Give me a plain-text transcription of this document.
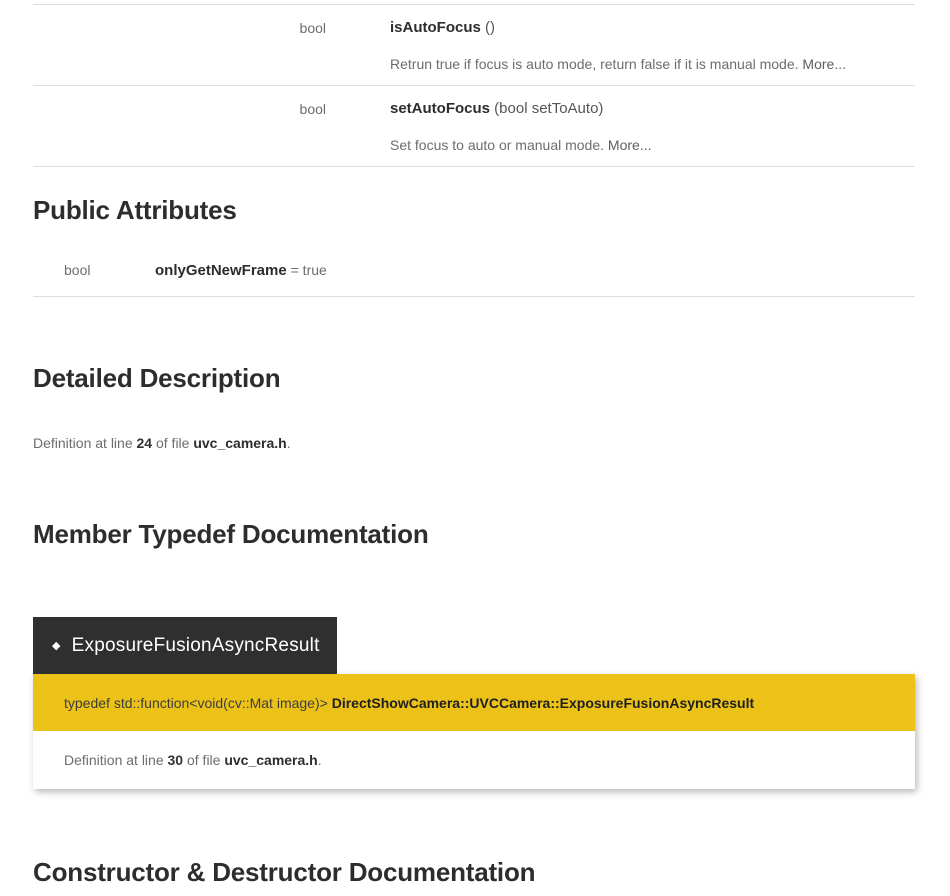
bool	isAutoFocus ()
Retrun true if focus is auto mode, return false if it is manual mode. More...
bool	setAutoFocus (bool setToAuto)
Set focus to auto or manual mode. More...
Public Attributes
bool	onlyGetNewFrame = true
Detailed Description

Definition at line 24 of file uvc_camera.h.

Member Typedef Documentation
◆ ExposureFusionAsyncResult
typedef std::function<void(cv::Mat image)> DirectShowCamera::UVCCamera::ExposureFusionAsyncResult

Definition at line 30 of file uvc_camera.h.

Constructor & Destructor Documentation
